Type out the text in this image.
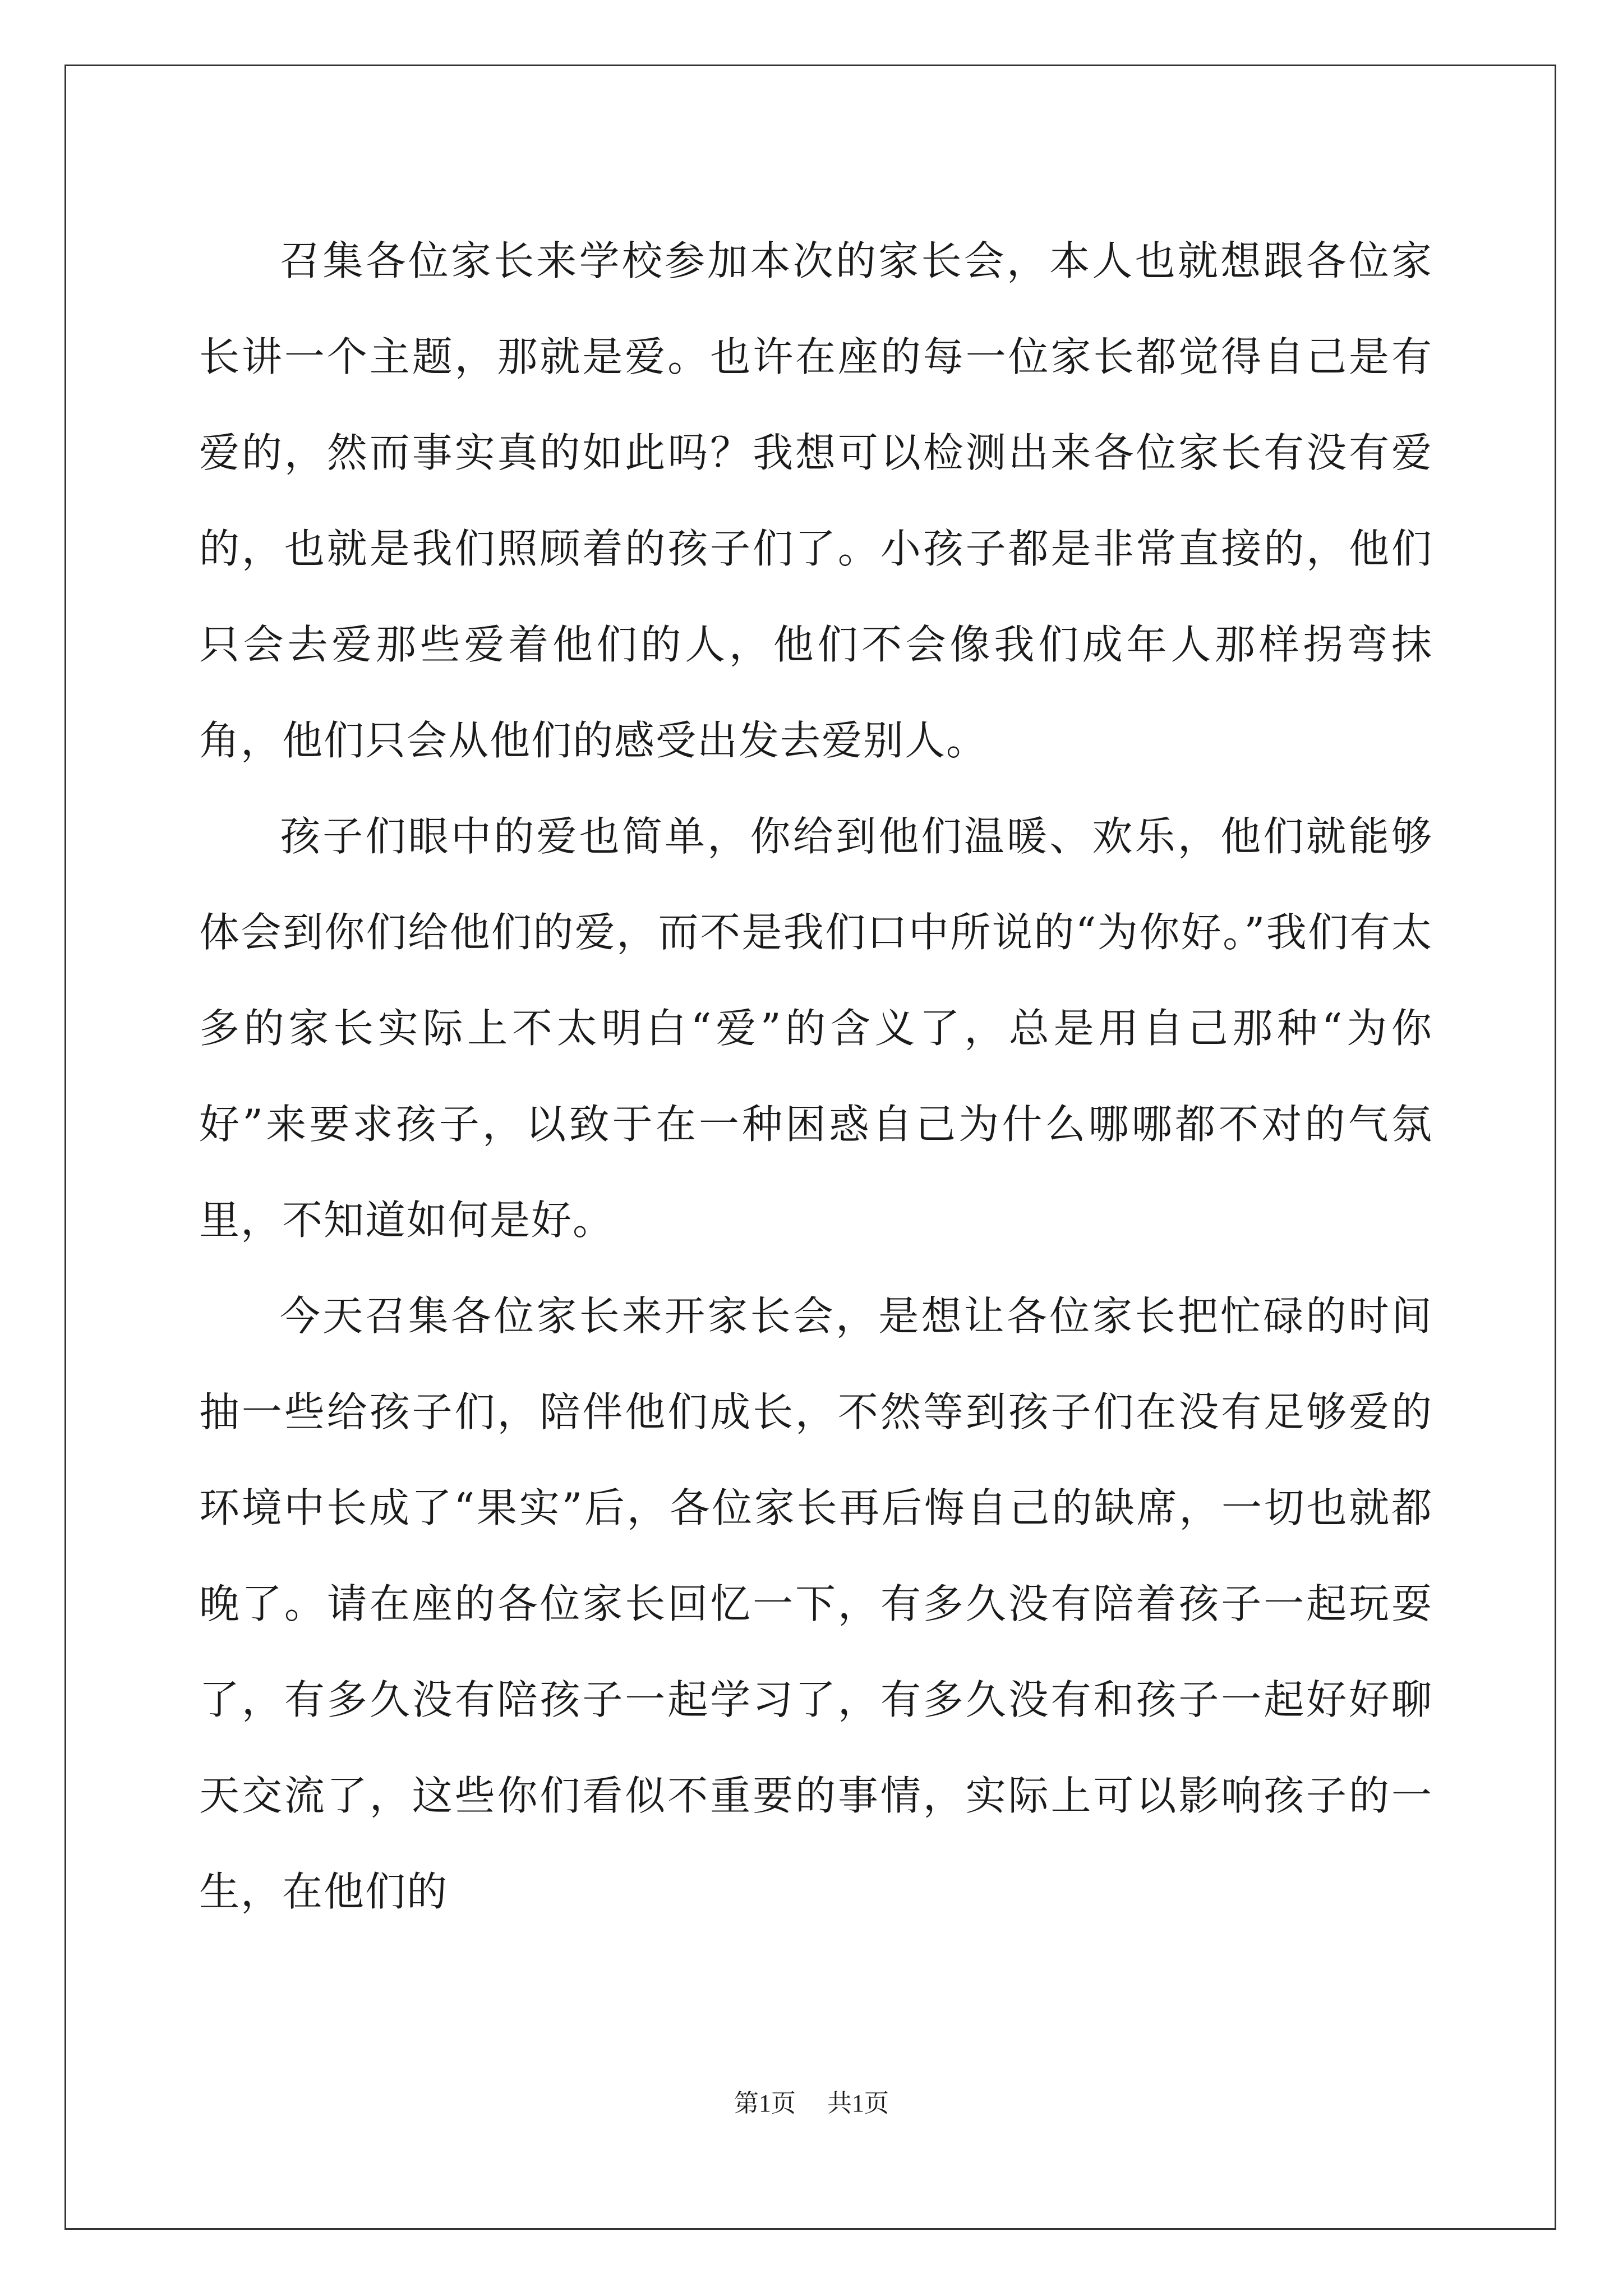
召集各位家长来学校参加本次的家长会，本人也就想跟各位家长讲一个主题，那就是爱。也许在座的每一位家长都觉得自己是有爱的，然而事实真的如此吗？我想可以检测出来各位家长有没有爱的，也就是我们照顾着的孩子们了。小孩子都是非常直接的，他们只会去爱那些爱着他们的人，他们不会像我们成年人那样拐弯抹角，他们只会从他们的感受出发去爱别人。

孩子们眼中的爱也简单，你给到他们温暖、欢乐，他们就能够体会到你们给他们的爱，而不是我们口中所说的“为你好。”我们有太多的家长实际上不太明白“爱”的含义了，总是用自己那种“为你好”来要求孩子，以致于在一种困惑自己为什么哪哪都不对的气氛里，不知道如何是好。

今天召集各位家长来开家长会，是想让各位家长把忙碌的时间抽一些给孩子们，陪伴他们成长，不然等到孩子们在没有足够爱的环境中长成了“果实”后，各位家长再后悔自己的缺席，一切也就都晚了。请在座的各位家长回忆一下，有多久没有陪着孩子一起玩耍了，有多久没有陪孩子一起学习了，有多久没有和孩子一起好好聊天交流了，这些你们看似不重要的事情，实际上可以影响孩子的一生，在他们的

第1页 共1页
